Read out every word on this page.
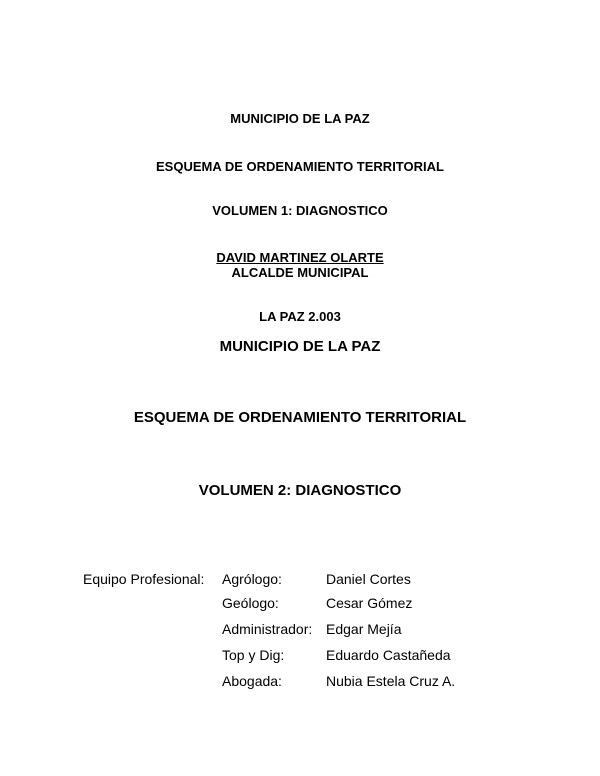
MUNICIPIO DE LA PAZ
ESQUEMA DE ORDENAMIENTO TERRITORIAL
VOLUMEN 1: DIAGNOSTICO
DAVID MARTINEZ OLARTE
ALCALDE MUNICIPAL
LA PAZ 2.003
MUNICIPIO DE LA PAZ
ESQUEMA DE ORDENAMIENTO TERRITORIAL
VOLUMEN 2: DIAGNOSTICO
Equipo Profesional: Agrólogo:	Daniel Cortes
Geólogo:	Cesar Gómez
Administrador: Edgar Mejía
Top y Dig:	Eduardo Castañeda
Abogada:	Nubia Estela Cruz A.
